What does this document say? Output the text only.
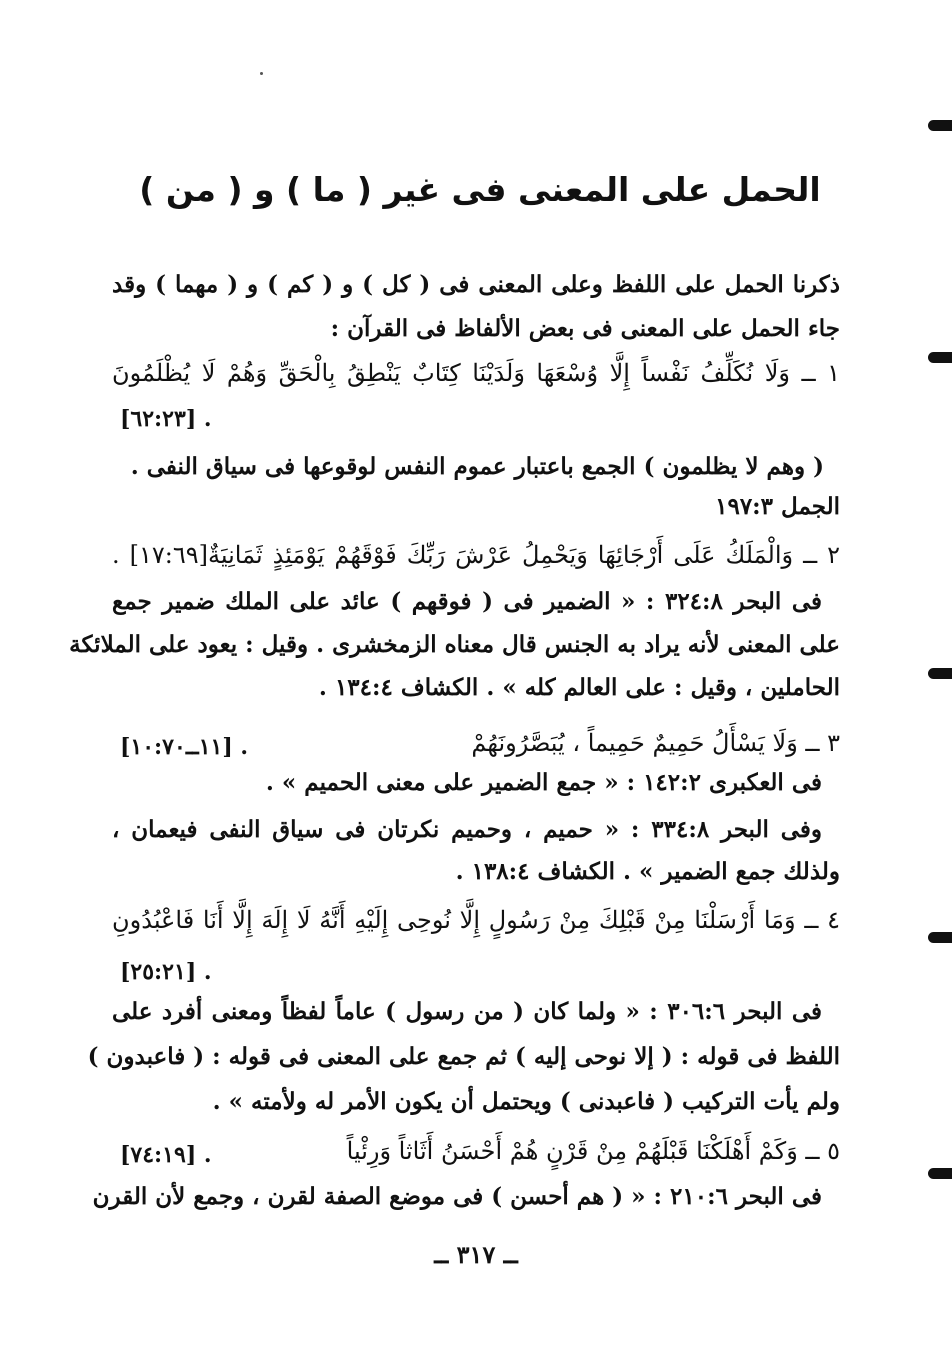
الحمل على المعنى فى غير ( ما ) و ( من )
ذكرنا الحمل على اللفظ وعلى المعنى فى ( كل ) و ( كم ) و ( مهما ) وقد
جاء الحمل على المعنى فى بعض الألفاظ فى القرآن :
١ ــ وَلَا نُكَلِّفُ نَفْساً إِلَّا وُسْعَهَا وَلَدَيْنَا كِتَابٌ يَنْطِقُ بِالْحَقِّ وَهُمْ لَا يُظْلَمُونَ
[٦٢:٢٣] .
( وهم لا يظلمون ) الجمع باعتبار عموم النفس لوقوعها فى سياق النفى .
الجمل ١٩٧:٣
٢ ــ وَالْمَلَكُ عَلَى أَرْجَائِهَا وَيَحْمِلُ عَرْشَ رَبِّكَ فَوْقَهُمْ يَوْمَئِذٍ ثَمَانِيَةٌ[١٧:٦٩] .
فى البحر ٣٢٤:٨ : « الضمير فى ( فوقهم ) عائد على الملك ضمير جمع
على المعنى لأنه يراد به الجنس قال معناه الزمخشرى . وقيل : يعود على الملائكة
الحاملين ، وقيل : على العالم كله » . الكشاف ١٣٤:٤ .
٣ ــ وَلَا يَسْأَلُ حَمِيمٌ حَمِيماً ، يُبَصَّرُونَهُمْ
[١١ــ١٠:٧٠] .
فى العكبرى ١٤٢:٢ : « جمع الضمير على معنى الحميم » .
وفى البحر ٣٣٤:٨ : « حميم ، وحميم نكرتان فى سياق النفى فيعمان ،
ولذلك جمع الضمير » . الكشاف ١٣٨:٤ .
٤ ــ وَمَا أَرْسَلْنَا مِنْ قَبْلِكَ مِنْ رَسُولٍ إِلَّا نُوحِى إِلَيْهِ أَنَّهُ لَا إِلَهَ إِلَّا أَنَا فَاعْبُدُونِ
[٢٥:٢١] .
فى البحر ٣٠٦:٦ : « ولما كان ( من رسول ) عاماً لفظاً ومعنى أفرد على
اللفظ فى قوله : ( إلا نوحى إليه ) ثم جمع على المعنى فى قوله : ( فاعبدون )
ولم يأت التركيب ( فاعبدنى ) ويحتمل أن يكون الأمر له ولأمته » .
٥ ــ وَكَمْ أَهْلَكْنَا قَبْلَهُمْ مِنْ قَرْنٍ هُمْ أَحْسَنُ أَثَاثاً وَرِئْياً
[٧٤:١٩] .
فى البحر ٢١٠:٦ : « ( هم أحسن ) فى موضع الصفة لقرن ، وجمع لأن القرن
ــ ٣١٧ ــ
